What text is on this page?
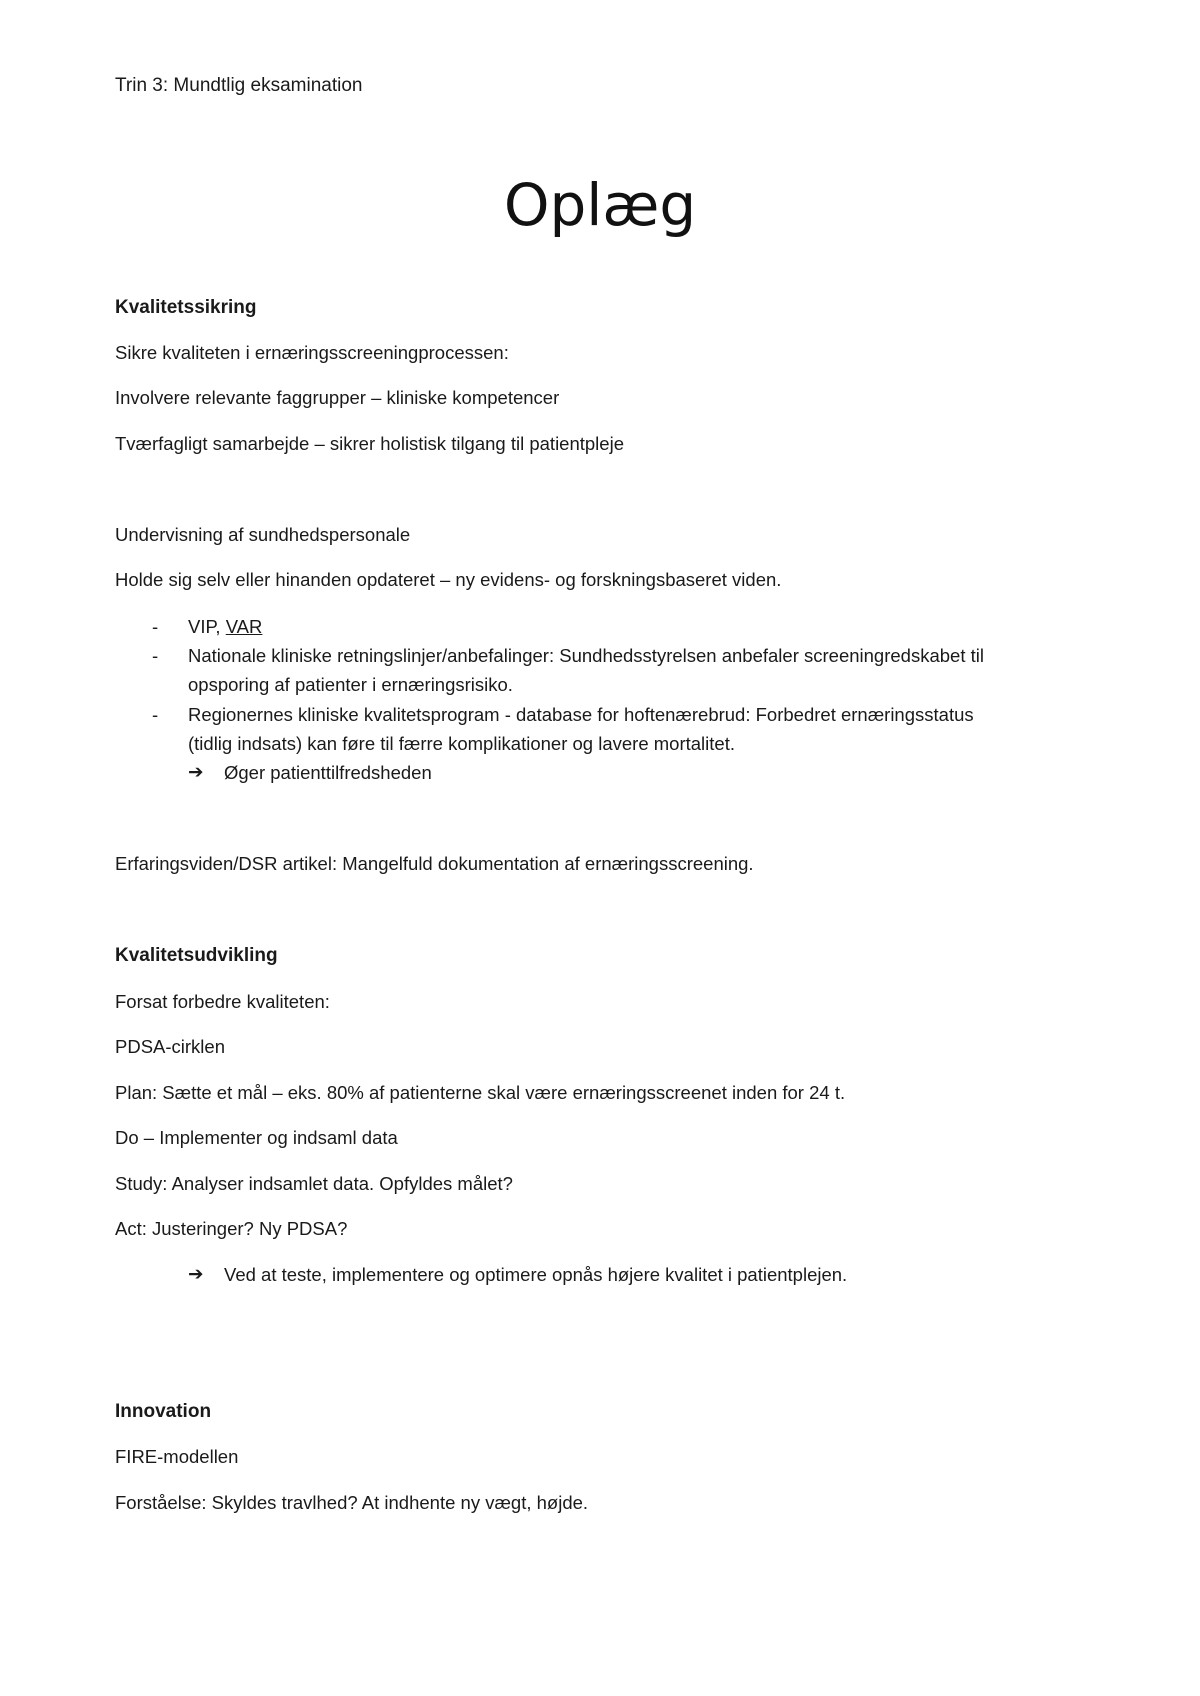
Trin 3: Mundtlig eksamination
Oplæg
Kvalitetssikring
Sikre kvaliteten i ernæringsscreeningprocessen:
Involvere relevante faggrupper – kliniske kompetencer
Tværfagligt samarbejde – sikrer holistisk tilgang til patientpleje
Undervisning af sundhedspersonale
Holde sig selv eller hinanden opdateret – ny evidens- og forskningsbaseret viden.
-	VIP, VAR
-	Nationale kliniske retningslinjer/anbefalinger: Sundhedsstyrelsen anbefaler screeningredskabet til
opsporing af patienter i ernæringsrisiko.
-	Regionernes kliniske kvalitetsprogram - database for hoftenærebrud: Forbedret ernæringsstatus
(tidlig indsats) kan føre til færre komplikationer og lavere mortalitet.
➔ Øger patienttilfredsheden
Erfaringsviden/DSR artikel: Mangelfuld dokumentation af ernæringsscreening.
Kvalitetsudvikling
Forsat forbedre kvaliteten:
PDSA-cirklen
Plan: Sætte et mål – eks. 80% af patienterne skal være ernæringsscreenet inden for 24 t.
Do – Implementer og indsaml data
Study: Analyser indsamlet data. Opfyldes målet?
Act: Justeringer? Ny PDSA?
➔ Ved at teste, implementere og optimere opnås højere kvalitet i patientplejen.
Innovation
FIRE-modellen
Forståelse: Skyldes travlhed? At indhente ny vægt, højde.
